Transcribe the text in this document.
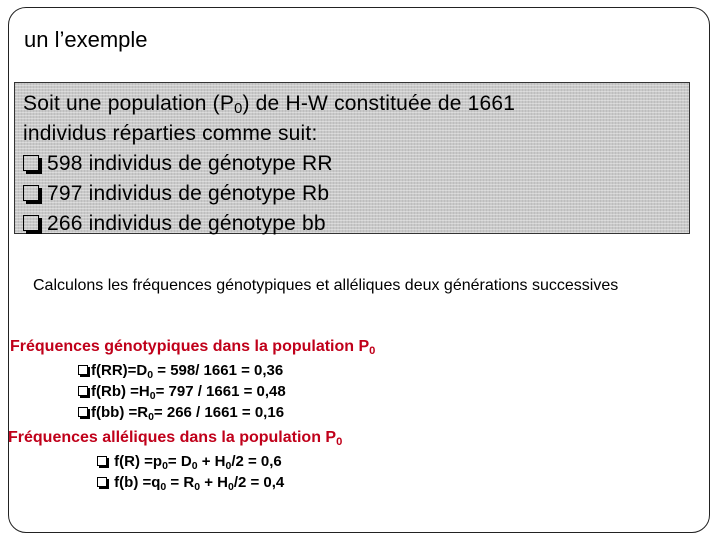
un l’exemple
Soit une population $(P_0)$ de H-W constituée de 1661
individus réparties comme suit:
598 individus de génotype RR
797 individus de génotype Rb
266 individus de génotype bb
Calculons les fréquences génotypiques et alléliques deux générations successives
Fréquences génotypiques dans la population $P_0$
$f(RR)=D_0 = 598/$ 1661 = 0,36
$f(Rb) =H_0= 797 / 1661 = 0,48$
$f(bb) =R_0= 266 / 1661 = 0,16$
Fréquences alléliques dans la population $P_0$
$f(R) =p_0= D_0 + H_0/2 = 0,6$
$f(b) =q_0 = R_0 + H_0/2 = 0,4$
